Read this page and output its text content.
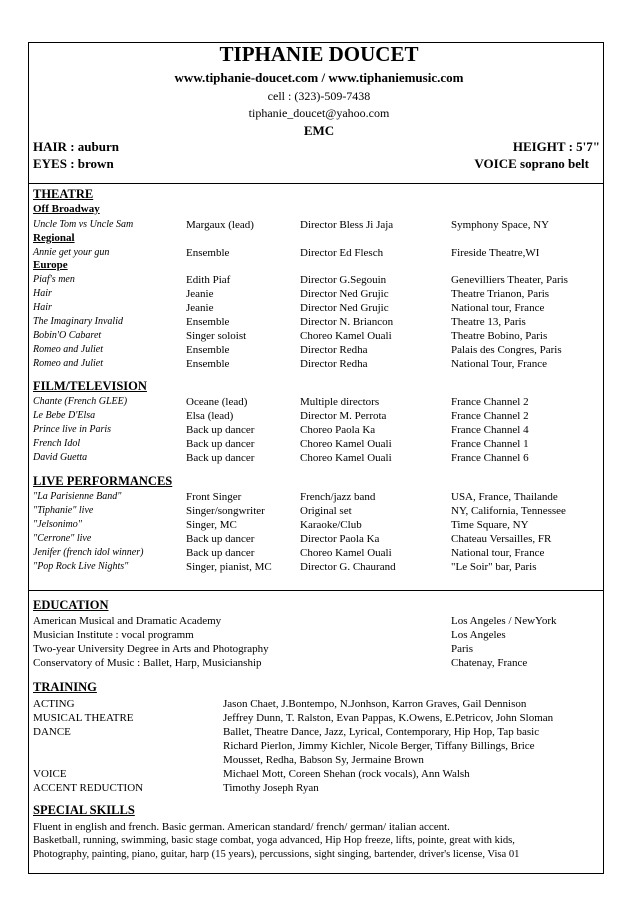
TIPHANIE DOUCET
www.tiphanie-doucet.com / www.tiphaniemusic.com
cell : (323)-509-7438
tiphanie_doucet@yahoo.com
EMC
HAIR : auburn
EYES : brown
HEIGHT : 5'7"
VOICE soprano belt
THEATRE
Off Broadway
Uncle Tom vs Uncle Sam	Margaux (lead)	Director Bless Ji Jaja	Symphony Space, NY
Regional
Annie get your gun	Ensemble	Director Ed Flesch	Fireside Theatre,WI
Europe
Piaf's men	Edith Piaf	Director G.Segouin	Genevilliers Theater, Paris
Hair	Jeanie	Director Ned Grujic	Theatre Trianon, Paris
Hair	Jeanie	Director Ned Grujic	National tour, France
The Imaginary Invalid	Ensemble	Director N. Briancon	Theatre 13, Paris
Bobin'O Cabaret	Singer soloist	Choreo Kamel Ouali	Theatre Bobino, Paris
Romeo and Juliet	Ensemble	Director Redha	Palais des Congres, Paris
Romeo and Juliet	Ensemble	Director Redha	National Tour, France
FILM/TELEVISION
Chante (French GLEE)	Oceane (lead)	Multiple directors	France Channel 2
Le Bebe D'Elsa	Elsa (lead)	Director M. Perrota	France Channel 2
Prince live in Paris	Back up dancer	Choreo Paola Ka	France Channel 4
French Idol	Back up dancer	Choreo Kamel Ouali	France Channel 1
David Guetta	Back up dancer	Choreo Kamel Ouali	France Channel 6
LIVE PERFORMANCES
"La Parisienne Band"	Front Singer	French/jazz band	USA, France, Thailande
"Tiphanie" live	Singer/songwriter	Original set	NY, California, Tennessee
"Jelsonimo"	Singer, MC	Karaoke/Club	Time Square, NY
"Cerrone" live	Back up dancer	Director Paola Ka	Chateau Versailles, FR
Jenifer (french idol winner)	Back up dancer	Choreo Kamel Ouali	National tour, France
"Pop Rock Live Nights"	Singer, pianist, MC	Director G. Chaurand	"Le Soir" bar, Paris
EDUCATION
American Musical and Dramatic Academy	Los Angeles / NewYork
Musician Institute : vocal programm	Los Angeles
Two-year University Degree in Arts and Photography	Paris
Conservatory of Music : Ballet, Harp, Musicianship	Chatenay, France
TRAINING
ACTING	Jason Chaet, J.Bontempo, N.Jonhson, Karron Graves, Gail Dennison
MUSICAL THEATRE	Jeffrey Dunn, T. Ralston, Evan Pappas, K.Owens, E.Petricov, John Sloman
DANCE	Ballet, Theatre Dance, Jazz, Lyrical, Contemporary, Hip Hop, Tap basic
Richard Pierlon, Jimmy Kichler, Nicole Berger, Tiffany Billings, Brice
Mousset, Redha, Babson Sy, Jermaine Brown
VOICE	Michael Mott, Coreen Shehan (rock vocals), Ann Walsh
ACCENT REDUCTION	Timothy Joseph Ryan
SPECIAL SKILLS
Fluent in english and french. Basic german. American standard/ french/ german/ italian accent.
Basketball, running, swimming, basic stage combat, yoga advanced, Hip Hop freeze, lifts, pointe, great with kids,
Photography, painting, piano, guitar, harp (15 years), percussions, sight singing, bartender, driver's license, Visa 01
